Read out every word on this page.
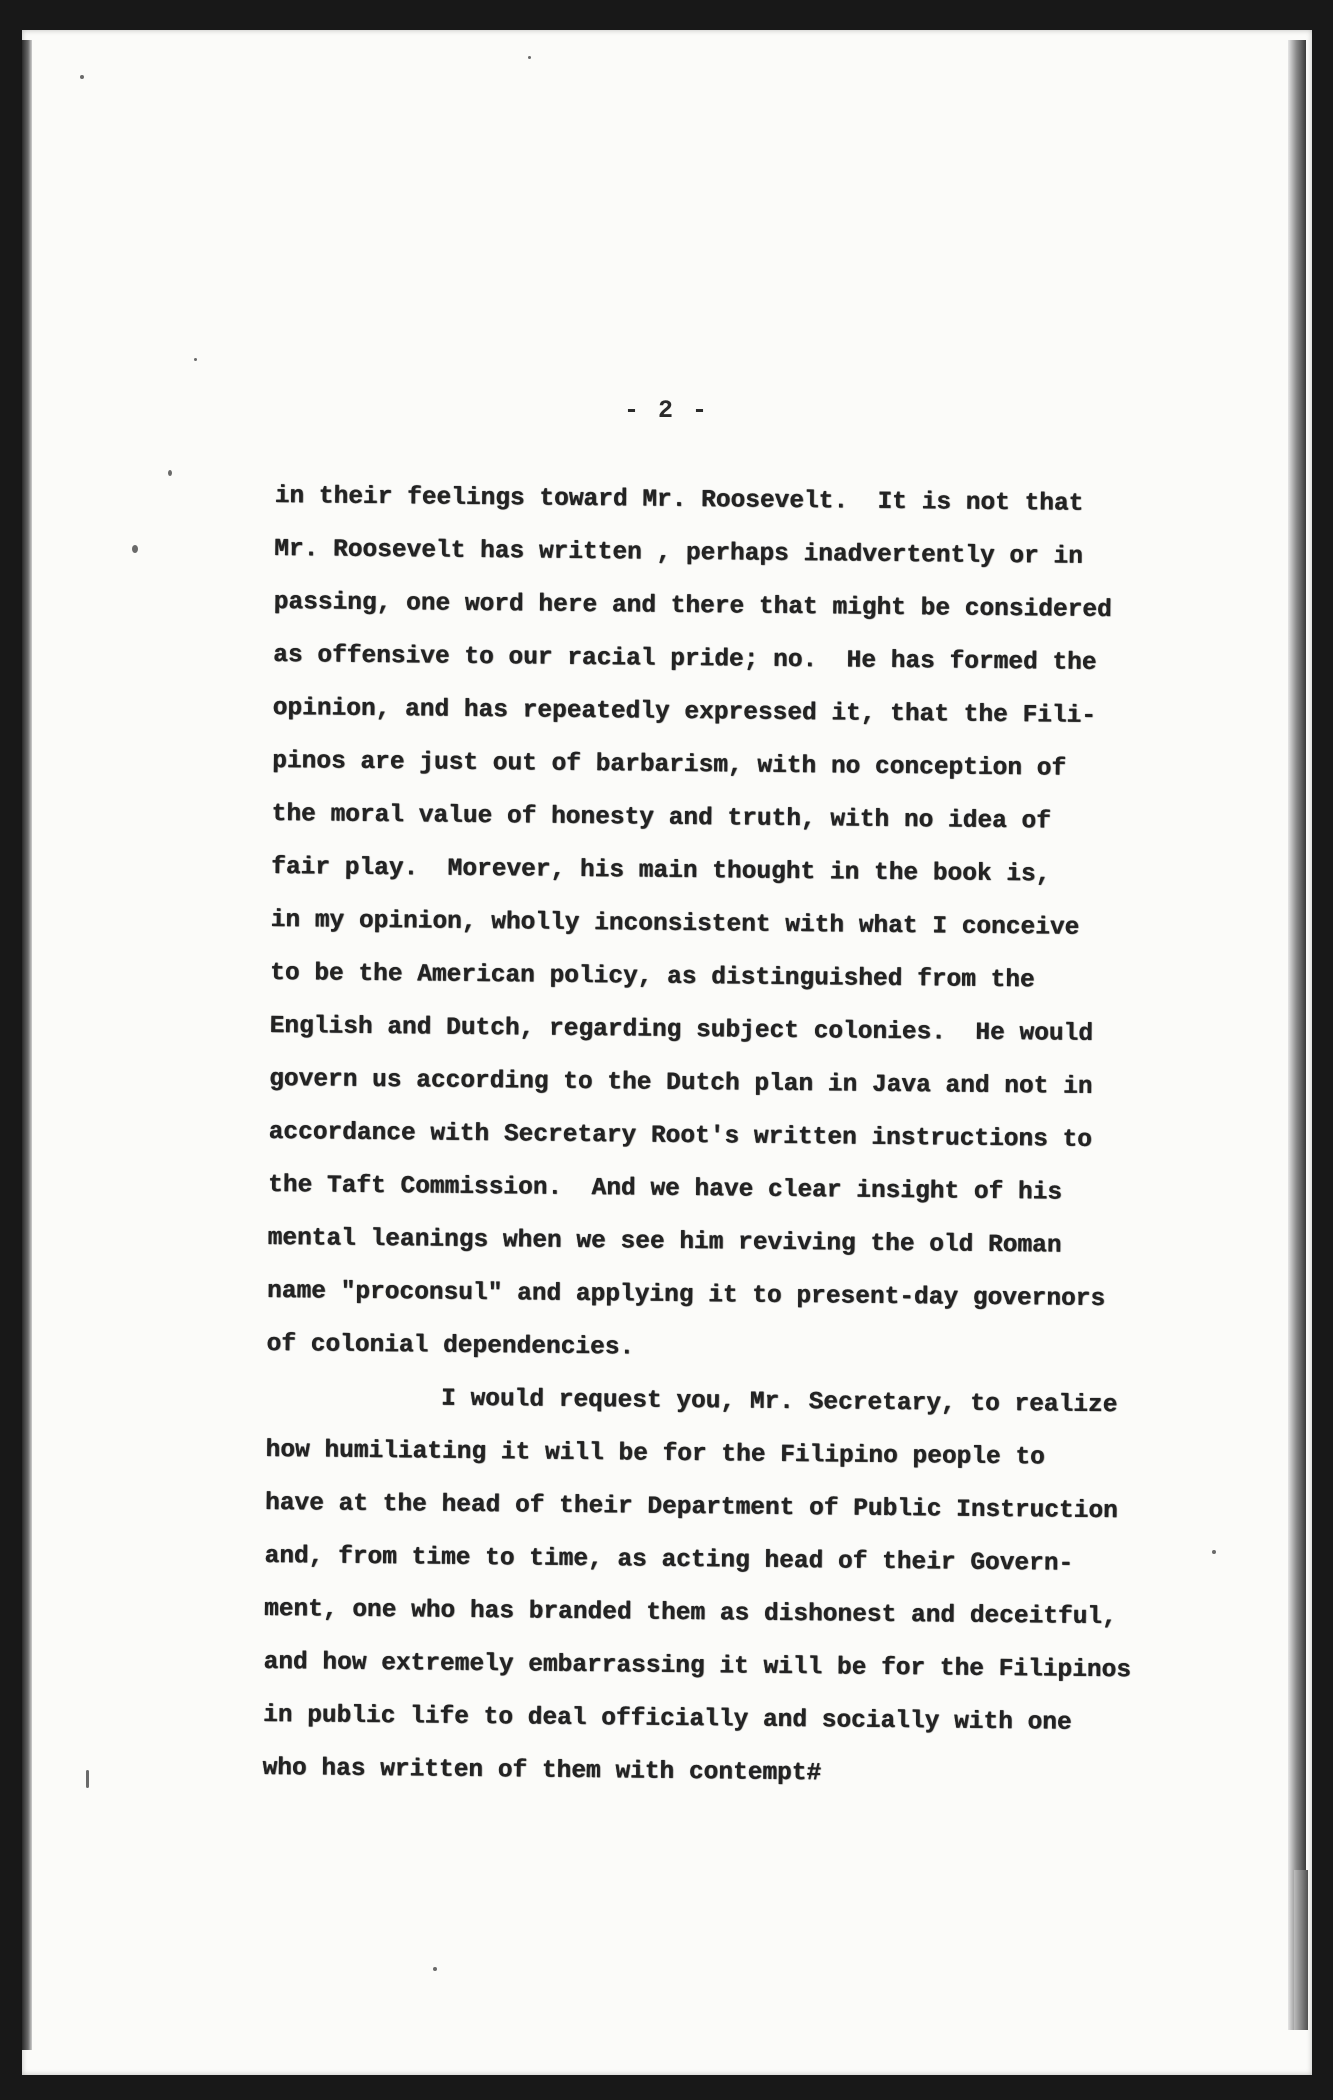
- 2 -
in their feelings toward Mr. Roosevelt.  It is not that
Mr. Roosevelt has written , perhaps inadvertently or in
passing, one word here and there that might be considered
as offensive to our racial pride; no.  He has formed the
opinion, and has repeatedly expressed it, that the Fili-
pinos are just out of barbarism, with no conception of
the moral value of honesty and truth, with no idea of
fair play.  Morever, his main thought in the book is,
in my opinion, wholly inconsistent with what I conceive
to be the American policy, as distinguished from the
English and Dutch, regarding subject colonies.  He would
govern us according to the Dutch plan in Java and not in
accordance with Secretary Root's written instructions to
the Taft Commission.  And we have clear insight of his
mental leanings when we see him reviving the old Roman
name "proconsul" and applying it to present-day governors
of colonial dependencies.
I would request you, Mr. Secretary, to realize
how humiliating it will be for the Filipino people to
have at the head of their Department of Public Instruction
and, from time to time, as acting head of their Govern-
ment, one who has branded them as dishonest and deceitful,
and how extremely embarrassing it will be for the Filipinos
in public life to deal officially and socially with one
who has written of them with contempt#
